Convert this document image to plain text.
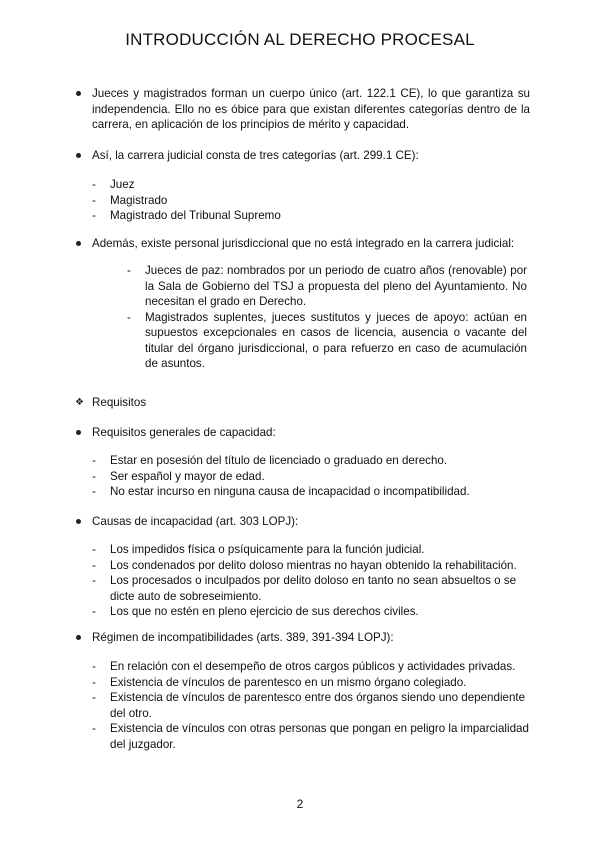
INTRODUCCIÓN AL DERECHO PROCESAL
Jueces y magistrados forman un cuerpo único (art. 122.1 CE), lo que garantiza su independencia. Ello no es óbice para que existan diferentes categorías dentro de la carrera, en aplicación de los principios de mérito y capacidad.
Así, la carrera judicial consta de tres categorías (art. 299.1 CE):
- Juez
- Magistrado
- Magistrado del Tribunal Supremo
Además, existe personal jurisdiccional que no está integrado en la carrera judicial:
- Jueces de paz: nombrados por un periodo de cuatro años (renovable) por la Sala de Gobierno del TSJ a propuesta del pleno del Ayuntamiento. No necesitan el grado en Derecho.
- Magistrados suplentes, jueces sustitutos y jueces de apoyo: actúan en supuestos excepcionales en casos de licencia, ausencia o vacante del titular del órgano jurisdiccional, o para refuerzo en caso de acumulación de asuntos.
❖ Requisitos
Requisitos generales de capacidad:
- Estar en posesión del título de licenciado o graduado en derecho.
- Ser español y mayor de edad.
- No estar incurso en ninguna causa de incapacidad o incompatibilidad.
Causas de incapacidad (art. 303 LOPJ):
- Los impedidos física o psíquicamente para la función judicial.
- Los condenados por delito doloso mientras no hayan obtenido la rehabilitación.
- Los procesados o inculpados por delito doloso en tanto no sean absueltos o se dicte auto de sobreseimiento.
- Los que no estén en pleno ejercicio de sus derechos civiles.
Régimen de incompatibilidades (arts. 389, 391-394 LOPJ):
- En relación con el desempeño de otros cargos públicos y actividades privadas.
- Existencia de vínculos de parentesco en un mismo órgano colegiado.
- Existencia de vínculos de parentesco entre dos órganos siendo uno dependiente del otro.
- Existencia de vínculos con otras personas que pongan en peligro la imparcialidad del juzgador.
2
